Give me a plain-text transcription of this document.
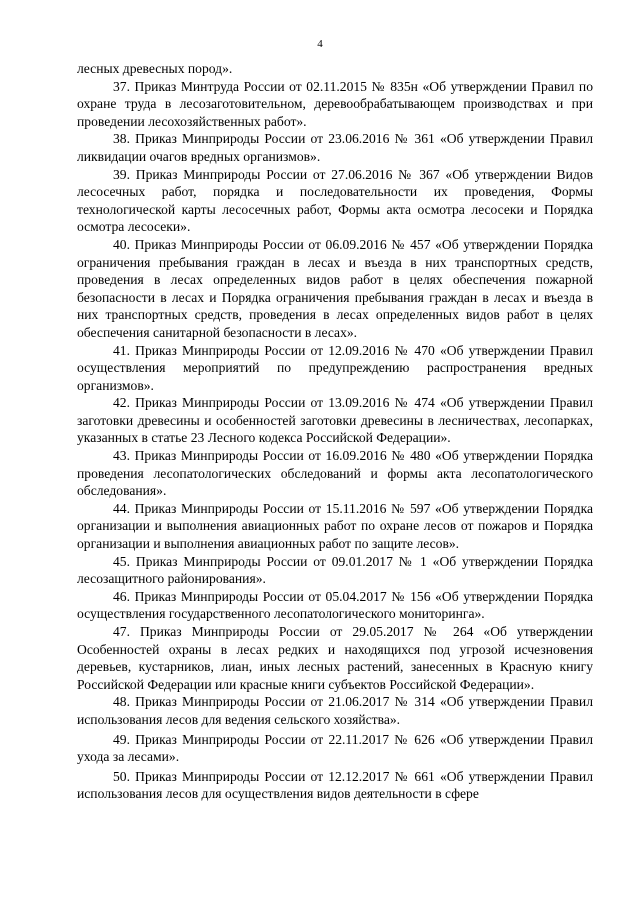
4

лесных древесных пород».

37. Приказ Минтруда России от 02.11.2015 № 835н «Об утверждении Правил по охране труда в лесозаготовительном, деревообрабатывающем производствах и при проведении лесохозяйственных работ».

38. Приказ Минприроды России от 23.06.2016 № 361 «Об утверждении Правил ликвидации очагов вредных организмов».

39. Приказ Минприроды России от 27.06.2016 № 367 «Об утверждении Видов лесосечных работ, порядка и последовательности их проведения, Формы технологической карты лесосечных работ, Формы акта осмотра лесосеки и Порядка осмотра лесосеки».

40. Приказ Минприроды России от 06.09.2016 № 457 «Об утверждении Порядка ограничения пребывания граждан в лесах и въезда в них транспортных средств, проведения в лесах определенных видов работ в целях обеспечения пожарной безопасности в лесах и Порядка ограничения пребывания граждан в лесах и въезда в них транспортных средств, проведения в лесах определенных видов работ в целях обеспечения санитарной безопасности в лесах».

41. Приказ Минприроды России от 12.09.2016 № 470 «Об утверждении Правил осуществления мероприятий по предупреждению распространения вредных организмов».

42. Приказ Минприроды России от 13.09.2016 № 474 «Об утверждении Правил заготовки древесины и особенностей заготовки древесины в лесничествах, лесопарках, указанных в статье 23 Лесного кодекса Российской Федерации».

43. Приказ Минприроды России от 16.09.2016 № 480 «Об утверждении Порядка проведения лесопатологических обследований и формы акта лесопатологического обследования».

44. Приказ Минприроды России от 15.11.2016 № 597 «Об утверждении Порядка организации и выполнения авиационных работ по охране лесов от пожаров и Порядка организации и выполнения авиационных работ по защите лесов».

45. Приказ Минприроды России от 09.01.2017 № 1 «Об утверждении Порядка лесозащитного районирования».

46. Приказ Минприроды России от 05.04.2017 № 156 «Об утверждении Порядка осуществления государственного лесопатологического мониторинга».

47. Приказ Минприроды России от 29.05.2017 № 264 «Об утверждении Особенностей охраны в лесах редких и находящихся под угрозой исчезновения деревьев, кустарников, лиан, иных лесных растений, занесенных в Красную книгу Российской Федерации или красные книги субъектов Российской Федерации».

48. Приказ Минприроды России от 21.06.2017 № 314 «Об утверждении Правил использования лесов для ведения сельского хозяйства».

49. Приказ Минприроды России от 22.11.2017 № 626 «Об утверждении Правил ухода за лесами».

50. Приказ Минприроды России от 12.12.2017 № 661 «Об утверждении Правил использования лесов для осуществления видов деятельности в сфере
